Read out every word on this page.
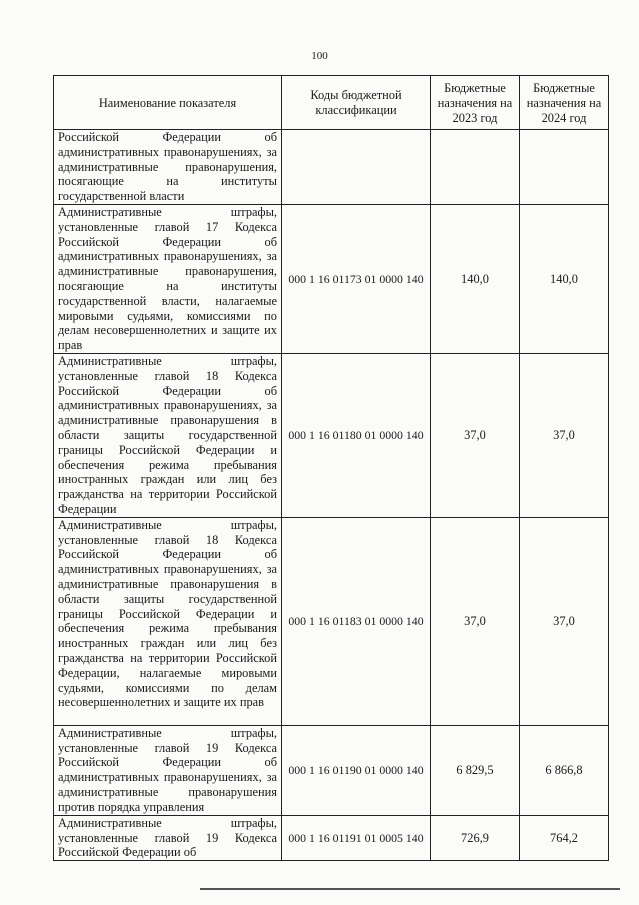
100
Наименование показателя	Коды бюджетной классификации	Бюджетные назначения на 2023 год	Бюджетные назначения на 2024 год

Российской Федерации об административных правонарушениях, за административные правонарушения, посягающие на институты государственной власти			

Административные штрафы, установленные главой 17 Кодекса Российской Федерации об административных правонарушениях, за административные правонарушения, посягающие на институты государственной власти, налагаемые мировыми судьями, комиссиями по делам несовершеннолетних и защите их прав	000 1 16 01173 01 0000 140	140,0	140,0

Административные штрафы, установленные главой 18 Кодекса Российской Федерации об административных правонарушениях, за административные правонарушения в области защиты государственной границы Российской Федерации и обеспечения режима пребывания иностранных граждан или лиц без гражданства на территории Российской Федерации	000 1 16 01180 01 0000 140	37,0	37,0

Административные штрафы, установленные главой 18 Кодекса Российской Федерации об административных правонарушениях, за административные правонарушения в области защиты государственной границы Российской Федерации и обеспечения режима пребывания иностранных граждан или лиц без гражданства на территории Российской Федерации, налагаемые мировыми судьями, комиссиями по делам несовершеннолетних и защите их прав	000 1 16 01183 01 0000 140	37,0	37,0

Административные штрафы, установленные главой 19 Кодекса Российской Федерации об административных правонарушениях, за административные правонарушения против порядка управления	000 1 16 01190 01 0000 140	6 829,5	6 866,8

Административные штрафы, установленные главой 19 Кодекса Российской Федерации об	000 1 16 01191 01 0005 140	726,9	764,2
